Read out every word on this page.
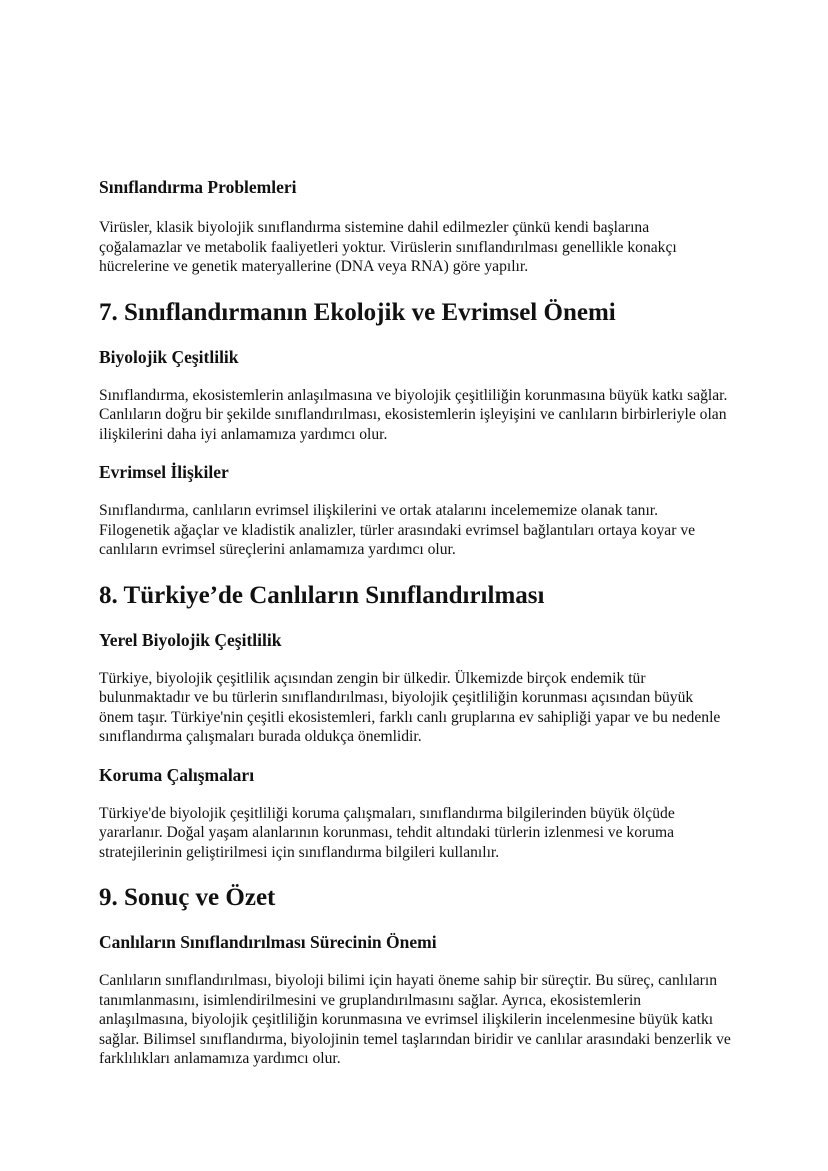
Sınıflandırma Problemleri

Virüsler, klasik biyolojik sınıflandırma sistemine dahil edilmezler çünkü kendi başlarına çoğalamazlar ve metabolik faaliyetleri yoktur. Virüslerin sınıflandırılması genellikle konakçı hücrelerine ve genetik materyallerine (DNA veya RNA) göre yapılır.

7. Sınıflandırmanın Ekolojik ve Evrimsel Önemi
Biyolojik Çeşitlilik

Sınıflandırma, ekosistemlerin anlaşılmasına ve biyolojik çeşitliliğin korunmasına büyük katkı sağlar. Canlıların doğru bir şekilde sınıflandırılması, ekosistemlerin işleyişini ve canlıların birbirleriyle olan ilişkilerini daha iyi anlamamıza yardımcı olur.

Evrimsel İlişkiler

Sınıflandırma, canlıların evrimsel ilişkilerini ve ortak atalarını incelememize olanak tanır. Filogenetik ağaçlar ve kladistik analizler, türler arasındaki evrimsel bağlantıları ortaya koyar ve canlıların evrimsel süreçlerini anlamamıza yardımcı olur.

8. Türkiye’de Canlıların Sınıflandırılması
Yerel Biyolojik Çeşitlilik

Türkiye, biyolojik çeşitlilik açısından zengin bir ülkedir. Ülkemizde birçok endemik tür bulunmaktadır ve bu türlerin sınıflandırılması, biyolojik çeşitliliğin korunması açısından büyük önem taşır. Türkiye'nin çeşitli ekosistemleri, farklı canlı gruplarına ev sahipliği yapar ve bu nedenle sınıflandırma çalışmaları burada oldukça önemlidir.

Koruma Çalışmaları

Türkiye'de biyolojik çeşitliliği koruma çalışmaları, sınıflandırma bilgilerinden büyük ölçüde yararlanır. Doğal yaşam alanlarının korunması, tehdit altındaki türlerin izlenmesi ve koruma stratejilerinin geliştirilmesi için sınıflandırma bilgileri kullanılır.

9. Sonuç ve Özet
Canlıların Sınıflandırılması Sürecinin Önemi

Canlıların sınıflandırılması, biyoloji bilimi için hayati öneme sahip bir süreçtir. Bu süreç, canlıların tanımlanmasını, isimlendirilmesini ve gruplandırılmasını sağlar. Ayrıca, ekosistemlerin anlaşılmasına, biyolojik çeşitliliğin korunmasına ve evrimsel ilişkilerin incelenmesine büyük katkı sağlar. Bilimsel sınıflandırma, biyolojinin temel taşlarından biridir ve canlılar arasındaki benzerlik ve farklılıkları anlamamıza yardımcı olur.
